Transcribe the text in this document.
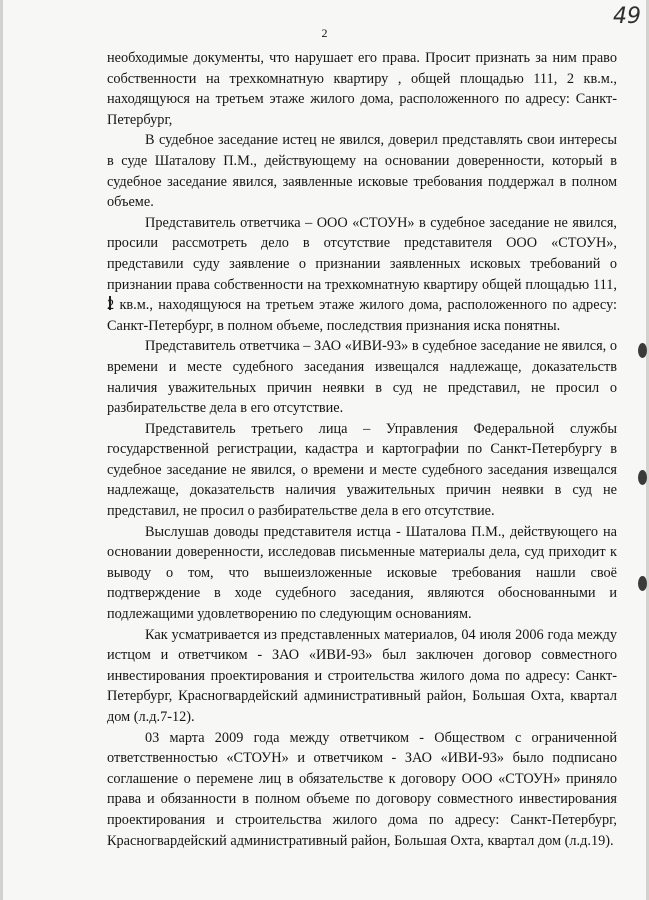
2
49

необходимые документы, что нарушает его права. Просит признать за ним право собственности на трехкомнатную квартиру , общей площадью 111, 2 кв.м., находящуюся на третьем этаже жилого дома, расположенного по адресу: Санкт-Петербург,

В судебное заседание истец не явился, доверил представлять свои интересы в суде Шаталову П.М., действующему на основании доверенности, который в судебное заседание явился, заявленные исковые требования поддержал в полном объеме.

Представитель ответчика – ООО «СТОУН» в судебное заседание не явился, просили рассмотреть дело в отсутствие представителя ООО «СТОУН», представили суду заявление о признании заявленных исковых требований о признании права собственности на трехкомнатную квартиру общей площадью 111, 2 кв.м., находящуюся на третьем этаже жилого дома, расположенного по адресу: Санкт-Петербург, в полном объеме, последствия признания иска понятны.

Представитель ответчика – ЗАО «ИВИ-93» в судебное заседание не явился, о времени и месте судебного заседания извещался надлежаще, доказательств наличия уважительных причин неявки в суд не представил, не просил о разбирательстве дела в его отсутствие.

Представитель третьего лица – Управления Федеральной службы государственной регистрации, кадастра и картографии по Санкт-Петербургу в судебное заседание не явился, о времени и месте судебного заседания извещался надлежаще, доказательств наличия уважительных причин неявки в суд не представил, не просил о разбирательстве дела в его отсутствие.

Выслушав доводы представителя истца - Шаталова П.М., действующего на основании доверенности, исследовав письменные материалы дела, суд приходит к выводу о том, что вышеизложенные исковые требования нашли своё подтверждение в ходе судебного заседания, являются обоснованными и подлежащими удовлетворению по следующим основаниям.

Как усматривается из представленных материалов, 04 июля 2006 года между истцом и ответчиком - ЗАО «ИВИ-93» был заключен договор совместного инвестирования проектирования и строительства жилого дома по адресу: Санкт-Петербург, Красногвардейский административный район, Большая Охта, квартал дом (л.д.7-12).

03 марта 2009 года между ответчиком - Обществом с ограниченной ответственностью «СТОУН» и ответчиком - ЗАО «ИВИ-93» было подписано соглашение о перемене лиц в обязательстве к договору ООО «СТОУН» приняло права и обязанности в полном объеме по договору совместного инвестирования проектирования и строительства жилого дома по адресу: Санкт-Петербург, Красногвардейский административный район, Большая Охта, квартал дом (л.д.19).
